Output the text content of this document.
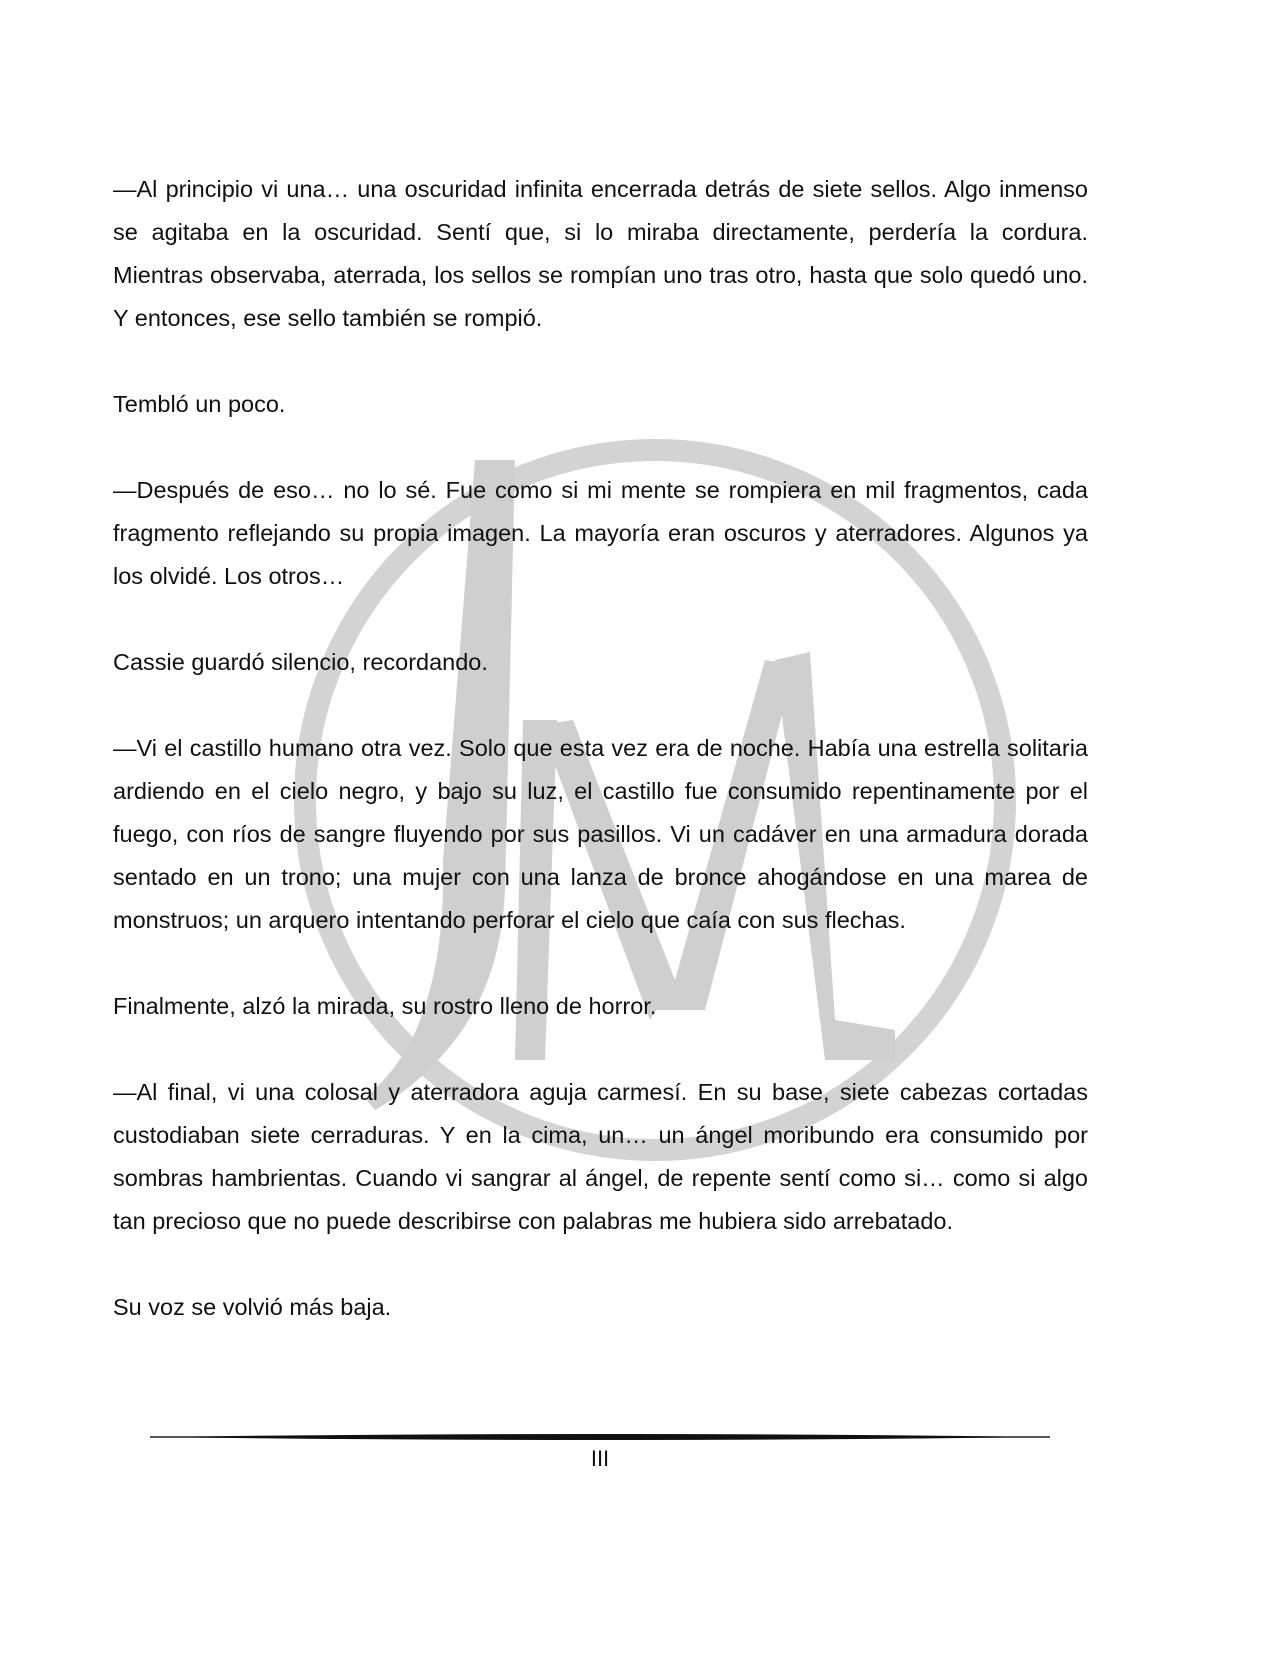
—Al principio vi una… una oscuridad infinita encerrada detrás de siete sellos. Algo inmenso se agitaba en la oscuridad. Sentí que, si lo miraba directamente, perdería la cordura. Mientras observaba, aterrada, los sellos se rompían uno tras otro, hasta que solo quedó uno. Y entonces, ese sello también se rompió.

Tembló un poco.

—Después de eso… no lo sé. Fue como si mi mente se rompiera en mil fragmentos, cada fragmento reflejando su propia imagen. La mayoría eran oscuros y aterradores. Algunos ya los olvidé. Los otros…

Cassie guardó silencio, recordando.

—Vi el castillo humano otra vez. Solo que esta vez era de noche. Había una estrella solitaria ardiendo en el cielo negro, y bajo su luz, el castillo fue consumido repentinamente por el fuego, con ríos de sangre fluyendo por sus pasillos. Vi un cadáver en una armadura dorada sentado en un trono; una mujer con una lanza de bronce ahogándose en una marea de monstruos; un arquero intentando perforar el cielo que caía con sus flechas.

Finalmente, alzó la mirada, su rostro lleno de horror.

—Al final, vi una colosal y aterradora aguja carmesí. En su base, siete cabezas cortadas custodiaban siete cerraduras. Y en la cima, un… un ángel moribundo era consumido por sombras hambrientas. Cuando vi sangrar al ángel, de repente sentí como si… como si algo tan precioso que no puede describirse con palabras me hubiera sido arrebatado.

Su voz se volvió más baja.

III
